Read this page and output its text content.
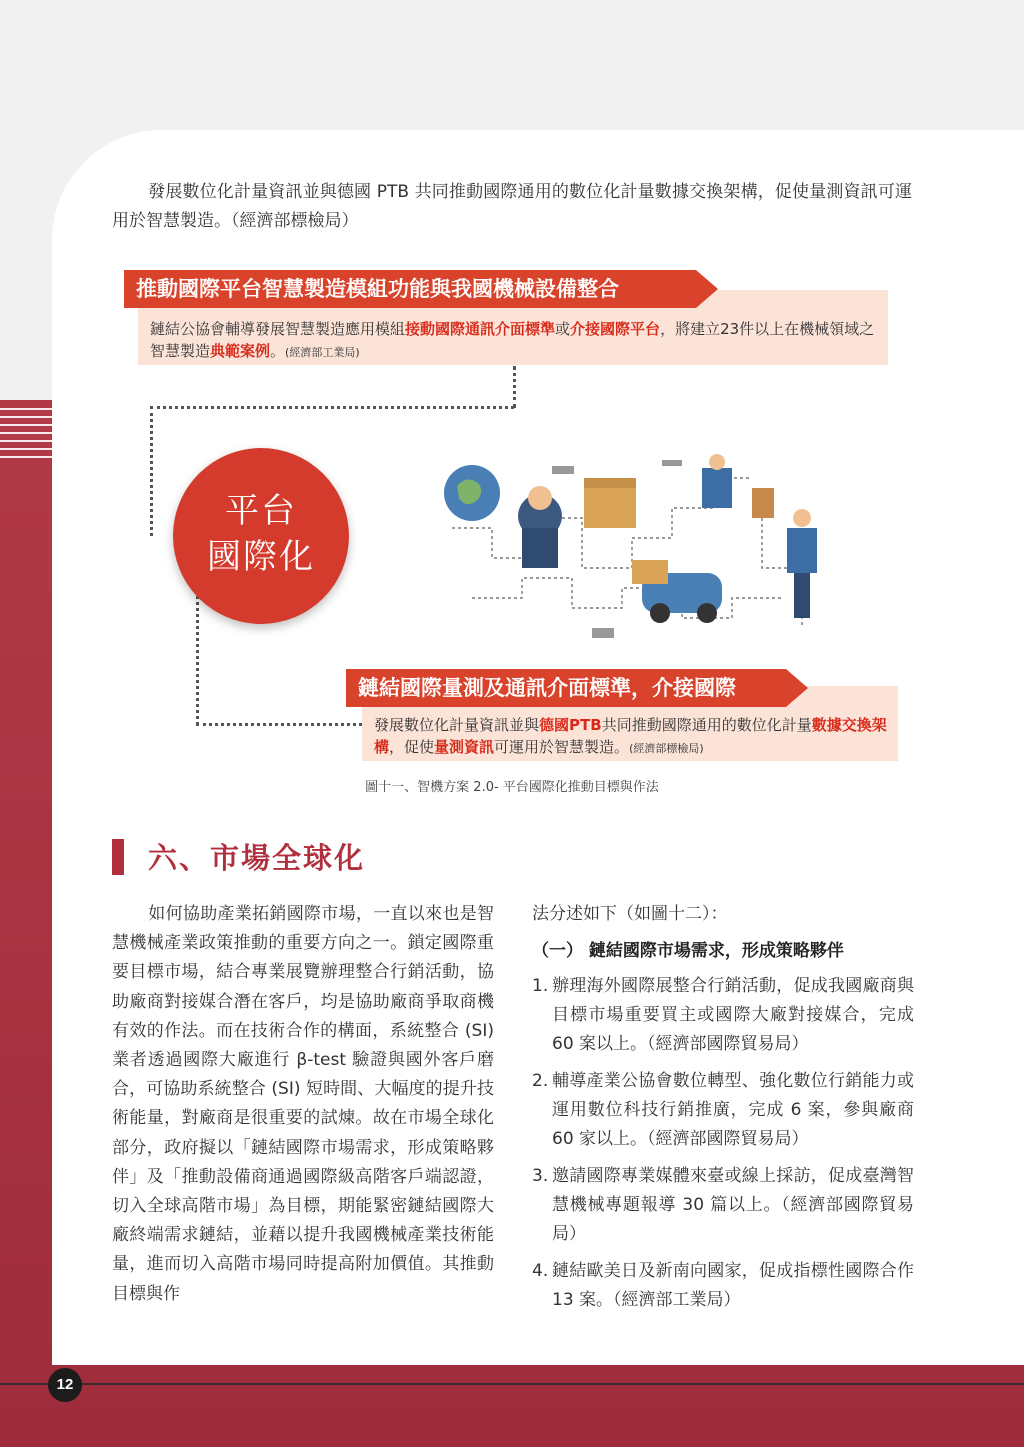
發展數位化計量資訊並與德國 PTB 共同推動國際通用的數位化計量數據交換架構，促使量測資訊可運用於智慧製造。（經濟部標檢局）

鏈結公協會輔導發展智慧製造應用模組接動國際通訊介面標準或介接國際平台，將建立23件以上在機械領域之智慧製造典範案例。(經濟部工業局)
推動國際平台智慧製造模組功能與我國機械設備整合
平台
國際化
發展數位化計量資訊並與德國PTB共同推動國際通用的數位化計量數據交換架構，促使量測資訊可運用於智慧製造。(經濟部標檢局)
鏈結國際量測及通訊介面標準，介接國際
圖十一、智機方案 2.0- 平台國際化推動目標與作法
六、市場全球化

如何協助產業拓銷國際市場，一直以來也是智慧機械產業政策推動的重要方向之一。鎖定國際重要目標市場，結合專業展覽辦理整合行銷活動，協助廠商對接媒合潛在客戶，均是協助廠商爭取商機有效的作法。而在技術合作的構面，系統整合 (SI) 業者透過國際大廠進行 β-test 驗證與國外客戶磨合，可協助系統整合 (SI) 短時間、大幅度的提升技術能量，對廠商是很重要的試煉。故在市場全球化部分，政府擬以「鏈結國際市場需求，形成策略夥伴」及「推動設備商通過國際級高階客戶端認證，切入全球高階市場」為目標，期能緊密鏈結國際大廠終端需求鏈結，並藉以提升我國機械產業技術能量，進而切入高階市場同時提高附加價值。其推動目標與作

法分述如下（如圖十二）：
（一） 鏈結國際市場需求，形成策略夥伴
1. 辦理海外國際展整合行銷活動，促成我國廠商與目標市場重要買主或國際大廠對接媒合，完成 60 案以上。（經濟部國際貿易局）
2. 輔導產業公協會數位轉型、強化數位行銷能力或運用數位科技行銷推廣，完成 6 案，參與廠商 60 家以上。（經濟部國際貿易局）
3. 邀請國際專業媒體來臺或線上採訪，促成臺灣智慧機械專題報導 30 篇以上。（經濟部國際貿易局）
4. 鏈結歐美日及新南向國家，促成指標性國際合作 13 案。（經濟部工業局）
12
